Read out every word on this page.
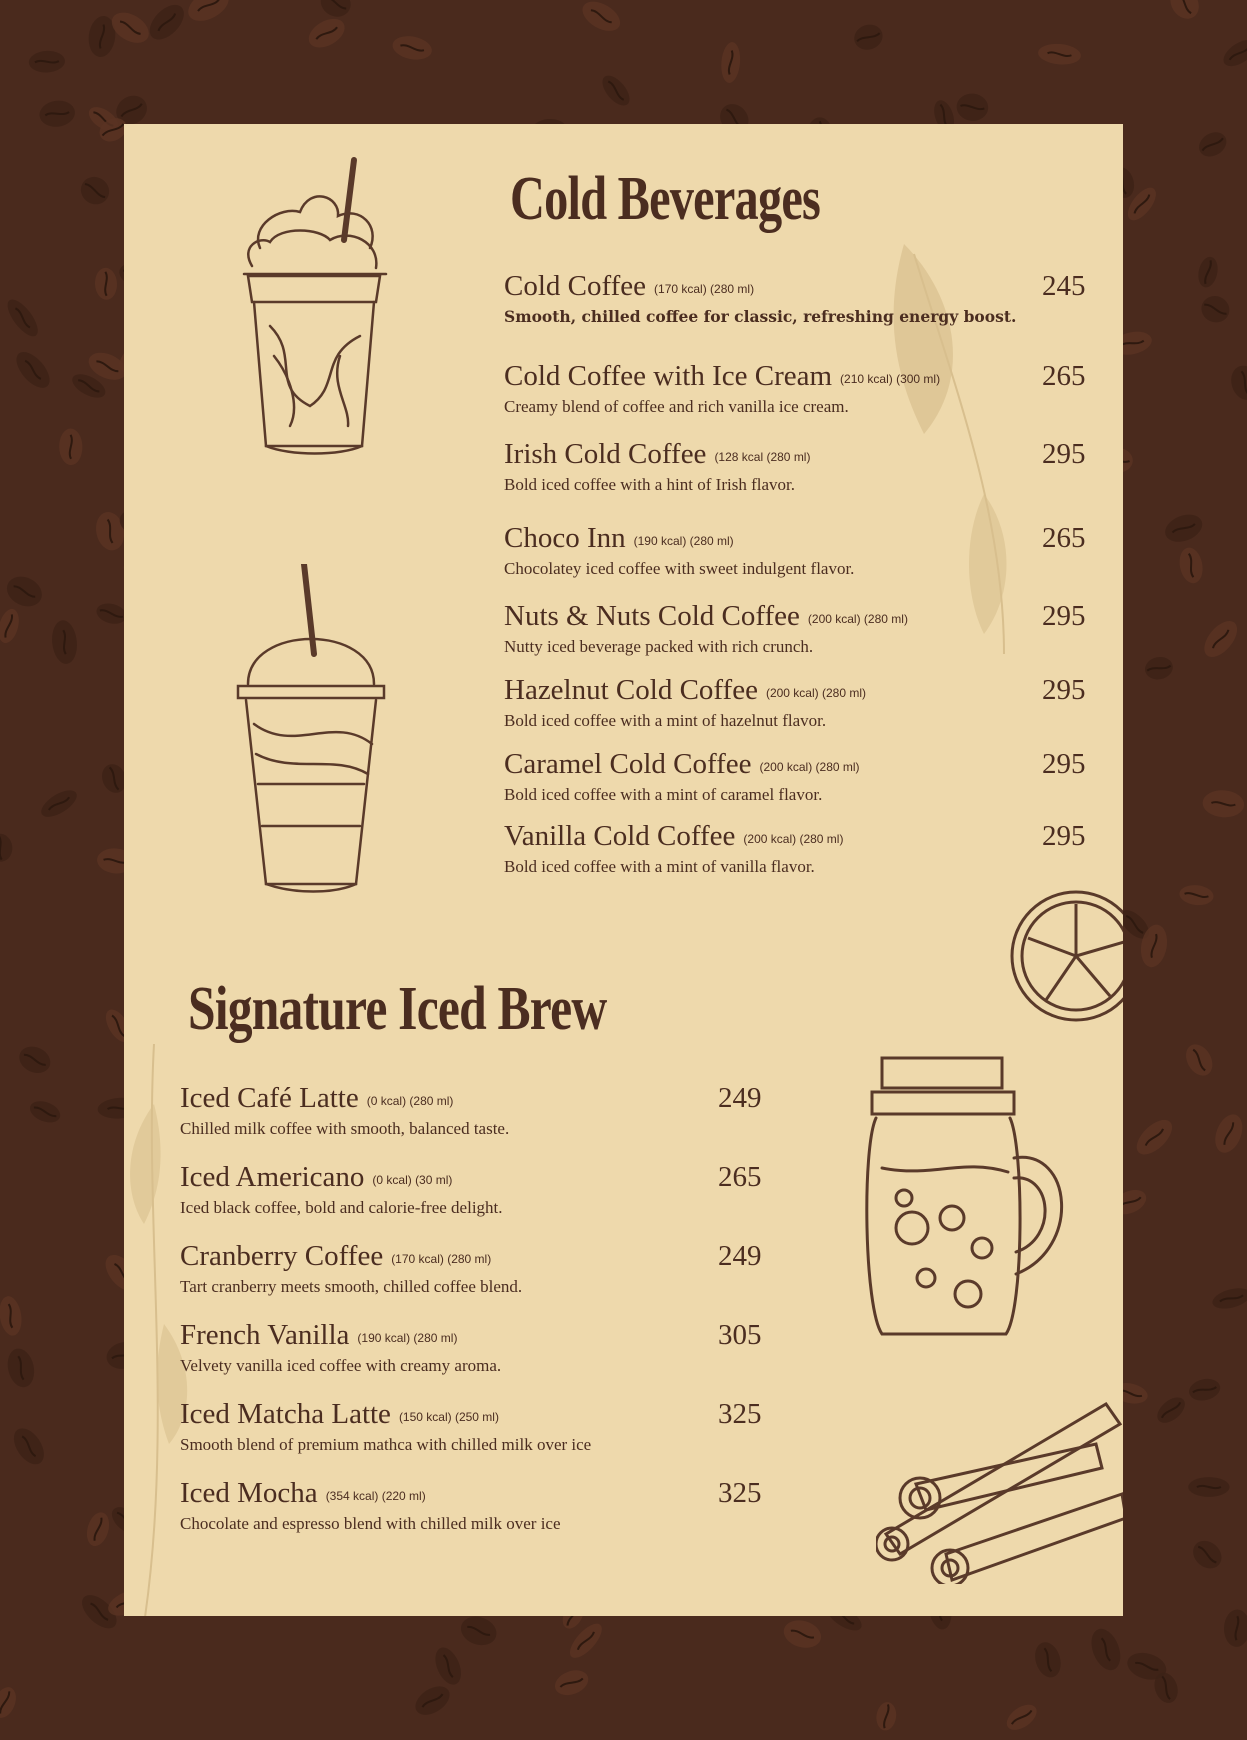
Cold Beverages
Cold Coffee (170 kcal) (280 ml)
Smooth, chilled coffee for classic, refreshing energy boost.
245
Cold Coffee with Ice Cream (210 kcal) (300 ml)
Creamy blend of coffee and rich vanilla ice cream.
265
Irish Cold Coffee (128 kcal (280 ml)
Bold iced coffee with a hint of Irish flavor.
295
Choco Inn (190 kcal) (280 ml)
Chocolatey iced coffee with sweet indulgent flavor.
265
Nuts & Nuts Cold Coffee (200 kcal) (280 ml)
Nutty iced beverage packed with rich crunch.
295
Hazelnut Cold Coffee (200 kcal) (280 ml)
Bold iced coffee with a mint of hazelnut flavor.
295
Caramel Cold Coffee (200 kcal) (280 ml)
Bold iced coffee with a mint of caramel flavor.
295
Vanilla Cold Coffee (200 kcal) (280 ml)
Bold iced coffee with a mint of vanilla flavor.
295
Signature Iced Brew
Iced Café Latte (0 kcal) (280 ml)
Chilled milk coffee with smooth, balanced taste.
249
Iced Americano (0 kcal) (30 ml)
Iced black coffee, bold and calorie-free delight.
265
Cranberry Coffee (170 kcal) (280 ml)
Tart cranberry meets smooth, chilled coffee blend.
249
French Vanilla (190 kcal) (280 ml)
Velvety vanilla iced coffee with creamy aroma.
305
Iced Matcha Latte (150 kcal) (250 ml)
Smooth blend of premium mathca with chilled milk over ice
325
Iced Mocha (354 kcal) (220 ml)
Chocolate and espresso blend with chilled milk over ice
325
